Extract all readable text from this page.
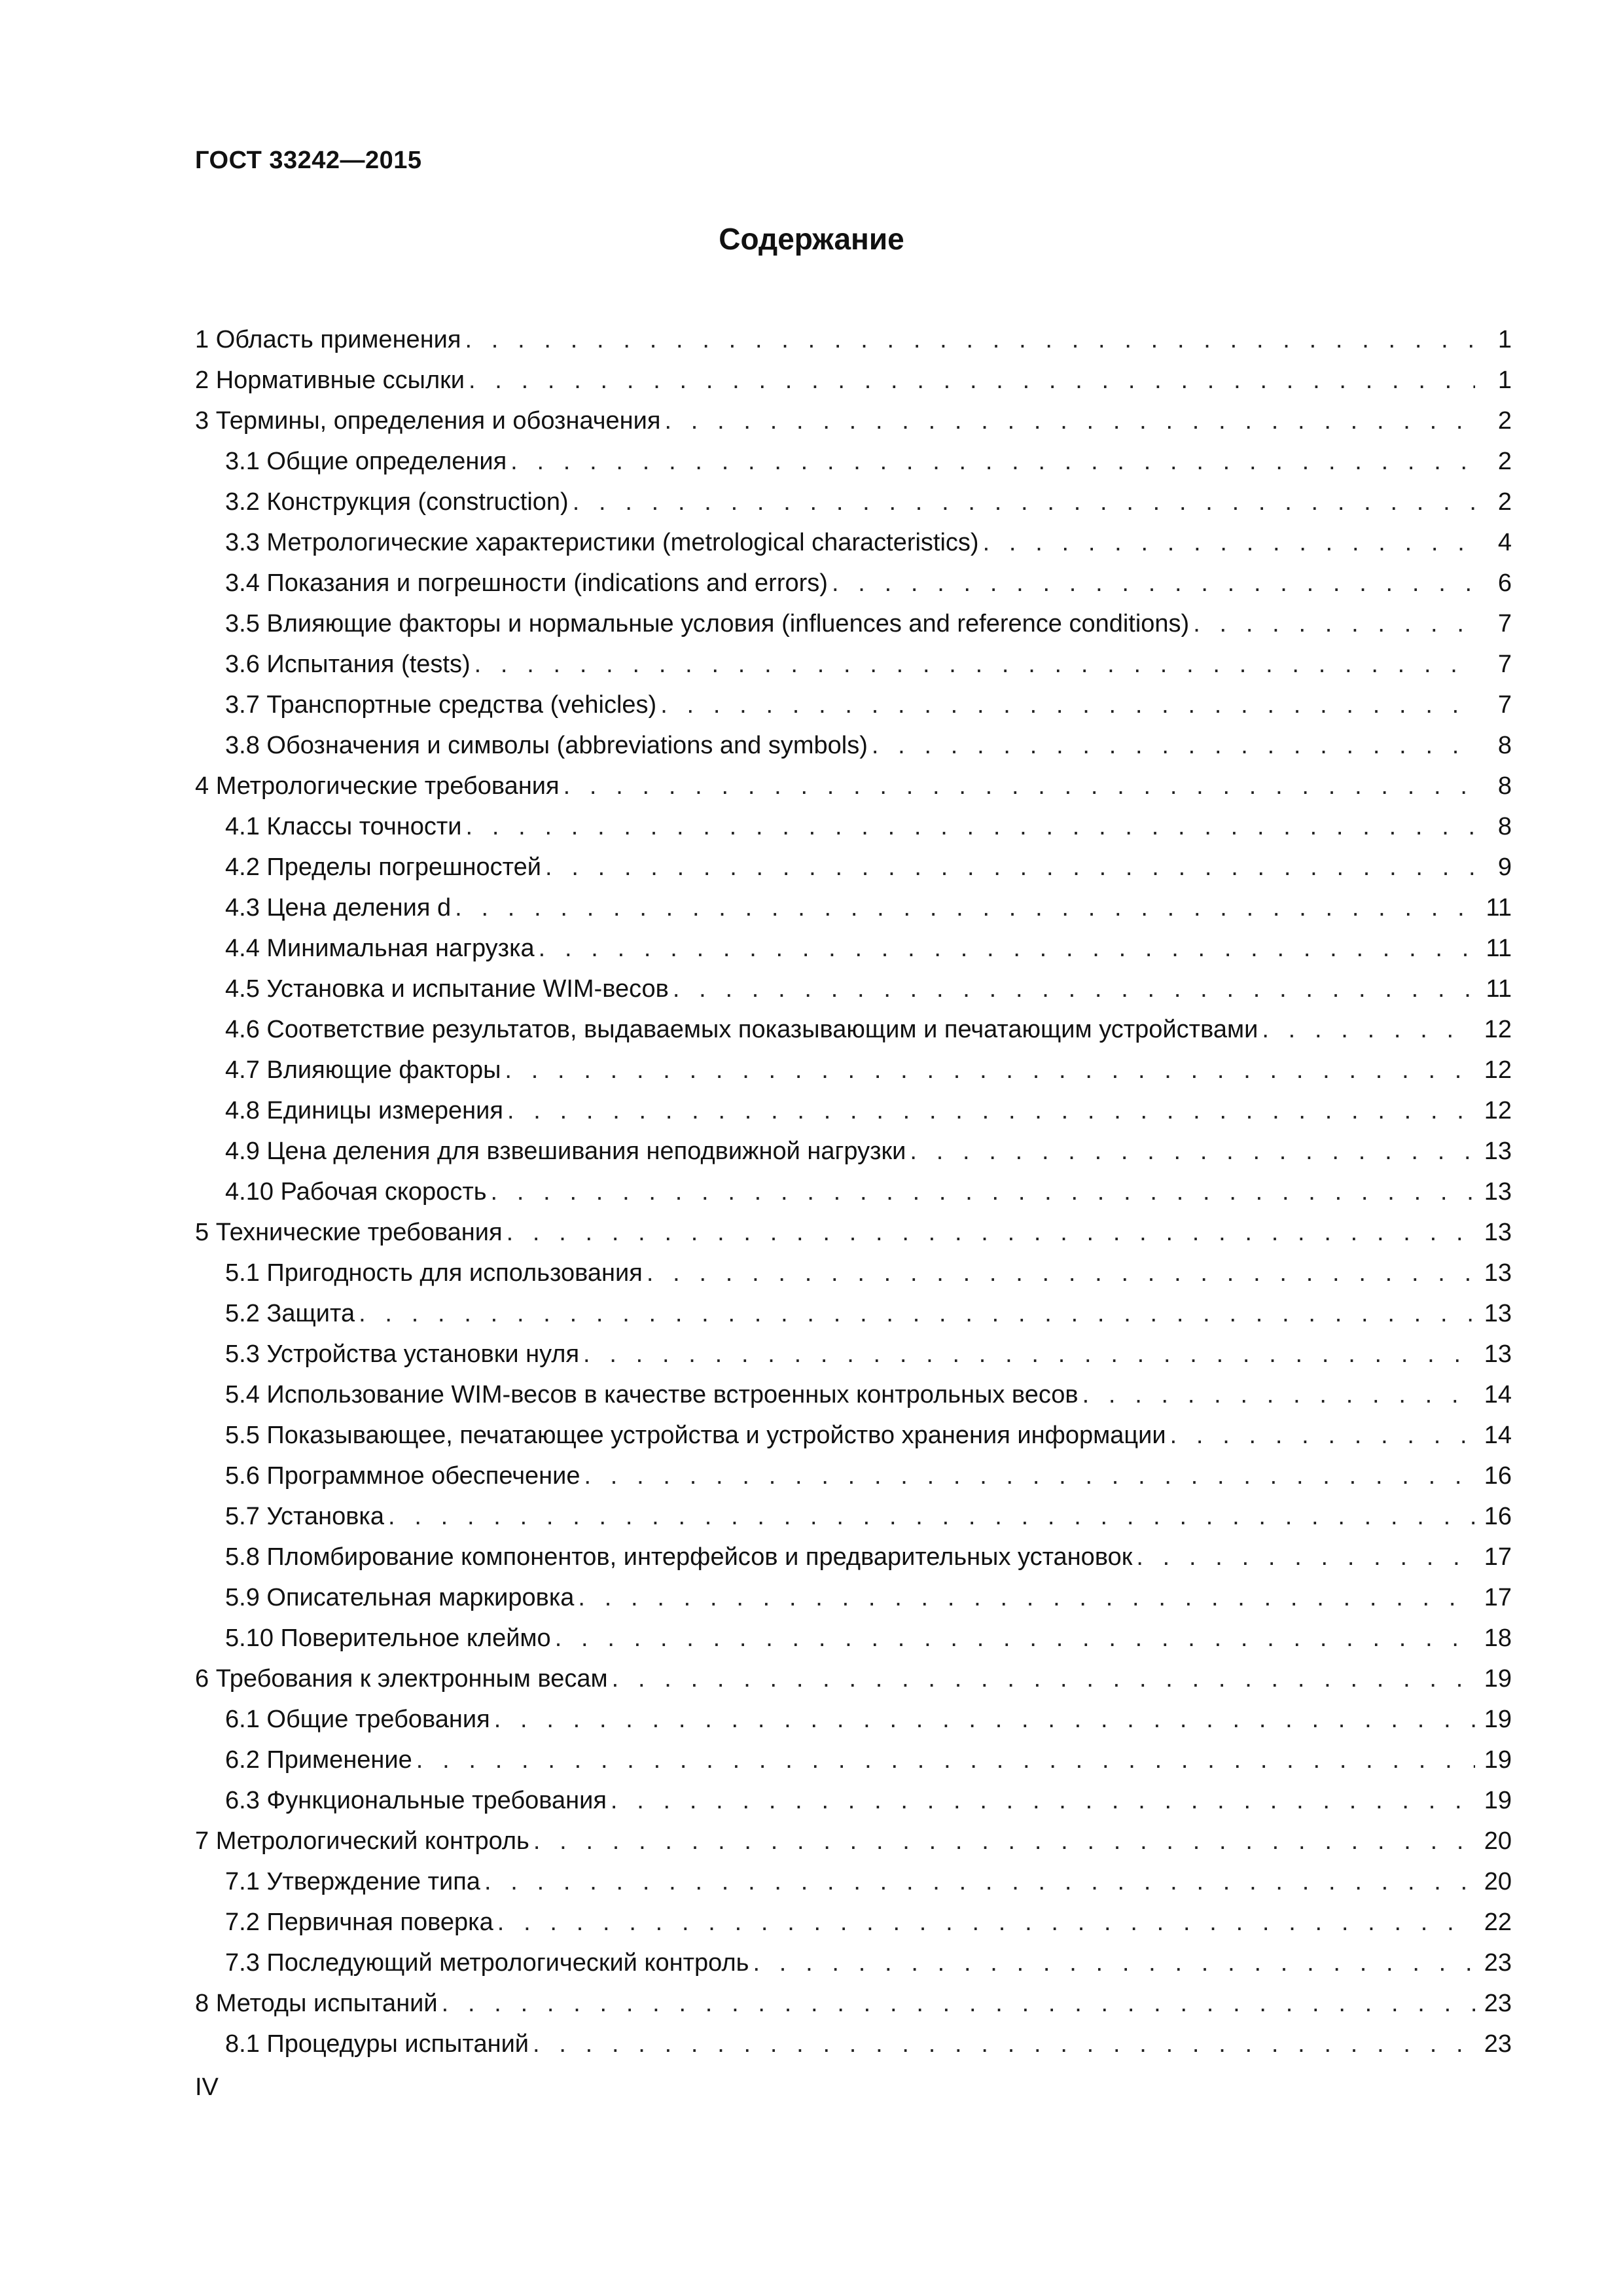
ГОСТ 33242—2015
Содержание
1 Область применения . . .	1
2 Нормативные ссылки . . .	1
3 Термины, определения и обозначения . . .	2
3.1 Общие определения . . .	2
3.2 Конструкция (construction) . . .	2
3.3 Метрологические характеристики (metrological characteristics) . . .	4
3.4 Показания и погрешности (indications and errors) . . .	6
3.5 Влияющие факторы и нормальные условия (influences and reference conditions) . . .	7
3.6 Испытания (tests) . . .	7
3.7 Транспортные средства (vehicles) . . .	7
3.8 Обозначения и символы (abbreviations and symbols) . . .	8
4 Метрологические требования . . .	8
4.1 Классы точности . . .	8
4.2 Пределы погрешностей . . .	9
4.3 Цена деления d . . .	11
4.4 Минимальная нагрузка . . .	11
4.5 Установка и испытание WIM-весов . . .	11
4.6 Соответствие результатов, выдаваемых показывающим и печатающим устройствами . . .	12
4.7 Влияющие факторы . . .	12
4.8 Единицы измерения . . .	12
4.9 Цена деления для взвешивания неподвижной нагрузки . . .	13
4.10 Рабочая скорость . . .	13
5 Технические требования . . .	13
5.1 Пригодность для использования . . .	13
5.2 Защита . . .	13
5.3 Устройства установки нуля . . .	13
5.4 Использование WIM-весов в качестве встроенных контрольных весов . . .	14
5.5 Показывающее, печатающее устройства и устройство хранения информации . . .	14
5.6 Программное обеспечение . . .	16
5.7 Установка . . .	16
5.8 Пломбирование компонентов, интерфейсов и предварительных установок . . .	17
5.9 Описательная маркировка . . .	17
5.10 Поверительное клеймо . . .	18
6 Требования к электронным весам . . .	19
6.1 Общие требования . . .	19
6.2 Применение . . .	19
6.3 Функциональные требования . . .	19
7 Метрологический контроль . . .	20
7.1 Утверждение типа . . .	20
7.2 Первичная поверка . . .	22
7.3 Последующий метрологический контроль . . .	23
8 Методы испытаний . . .	23
8.1 Процедуры испытаний . . .	23
IV
